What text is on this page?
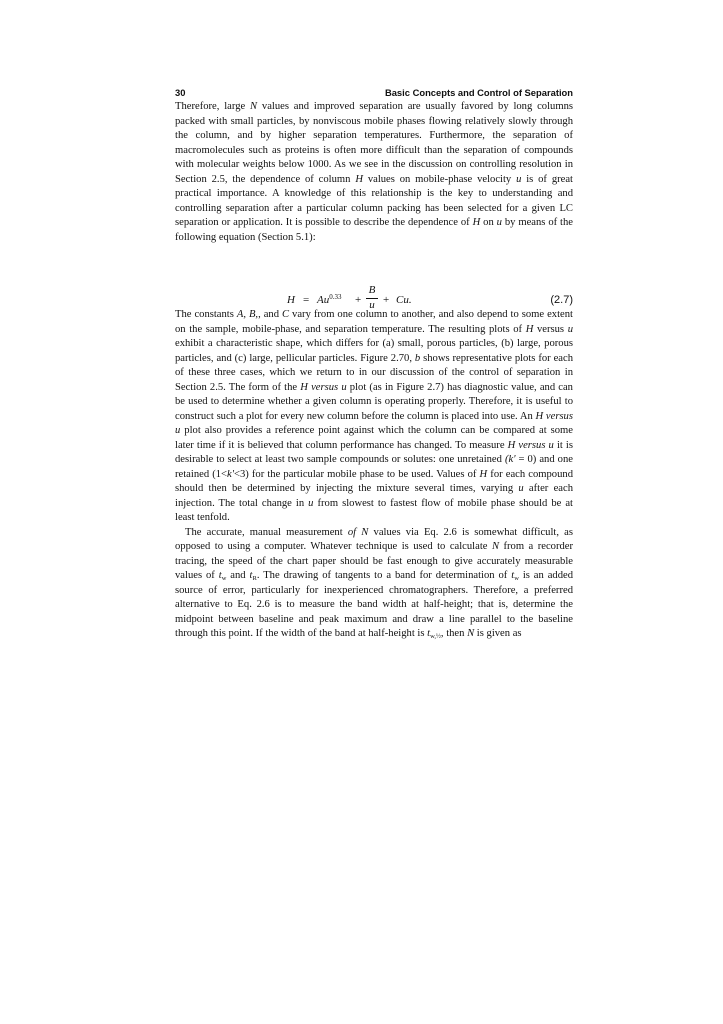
30	Basic Concepts and Control of Separation

Therefore, large N values and improved separation are usually favored by long columns packed with small particles, by nonviscous mobile phases flowing relatively slowly through the column, and by higher separation temperatures. Furthermore, the separation of macromolecules such as proteins is often more difficult than the separation of compounds with molecular weights below 1000. As we see in the discussion on controlling resolution in Section 2.5, the dependence of column H values on mobile-phase velocity u is of great practical importance. A knowledge of this relationship is the key to understanding and controlling separation after a particular column packing has been selected for a given LC separation or application. It is possible to describe the dependence of H on u by means of the following equation (Section 5.1):

The constants A, B,, and C vary from one column to another, and also depend to some extent on the sample, mobile-phase, and separation temperature. The resulting plots of H versus u exhibit a characteristic shape, which differs for (a) small, porous particles, (b) large, porous particles, and (c) large, pellicular particles. Figure 2.70, b shows representative plots for each of these three cases, which we return to in our discussion of the control of separation in Section 2.5. The form of the H versus u plot (as in Figure 2.7) has diagnostic value, and can be used to determine whether a given column is operating properly. Therefore, it is useful to construct such a plot for every new column before the column is placed into use. An H versus u plot also provides a reference point against which the column can be compared at some later time if it is believed that column performance has changed. To measure H versus u it is desirable to select at least two sample compounds or solutes: one unretained (k' = 0) and one retained (1<k'<3) for the particular mobile phase to be used. Values of H for each compound should then be determined by injecting the mixture several times, varying u after each injection. The total change in u from slowest to fastest flow of mobile phase should be at least tenfold.

The accurate, manual measurement of N values via Eq. 2.6 is somewhat difficult, as opposed to using a computer. Whatever technique is used to calculate N from a recorder tracing, the speed of the chart paper should be fast enough to give accurately measurable values of $t_w$ and $t_R$. The drawing of tangents to a band for determination of $t_w$ is an added source of error, particularly for inexperienced chromatographers. Therefore, a preferred alternative to Eq. 2.6 is to measure the band width at half-height; that is, determine the midpoint between baseline and peak maximum and draw a line parallel to the baseline through this point. If the width of the band at half-height is $t_{w,\frac{1}{2}}$, then N is given as

$H = Au^{0.33}$ +
B
u + Cu.	(2.7)
